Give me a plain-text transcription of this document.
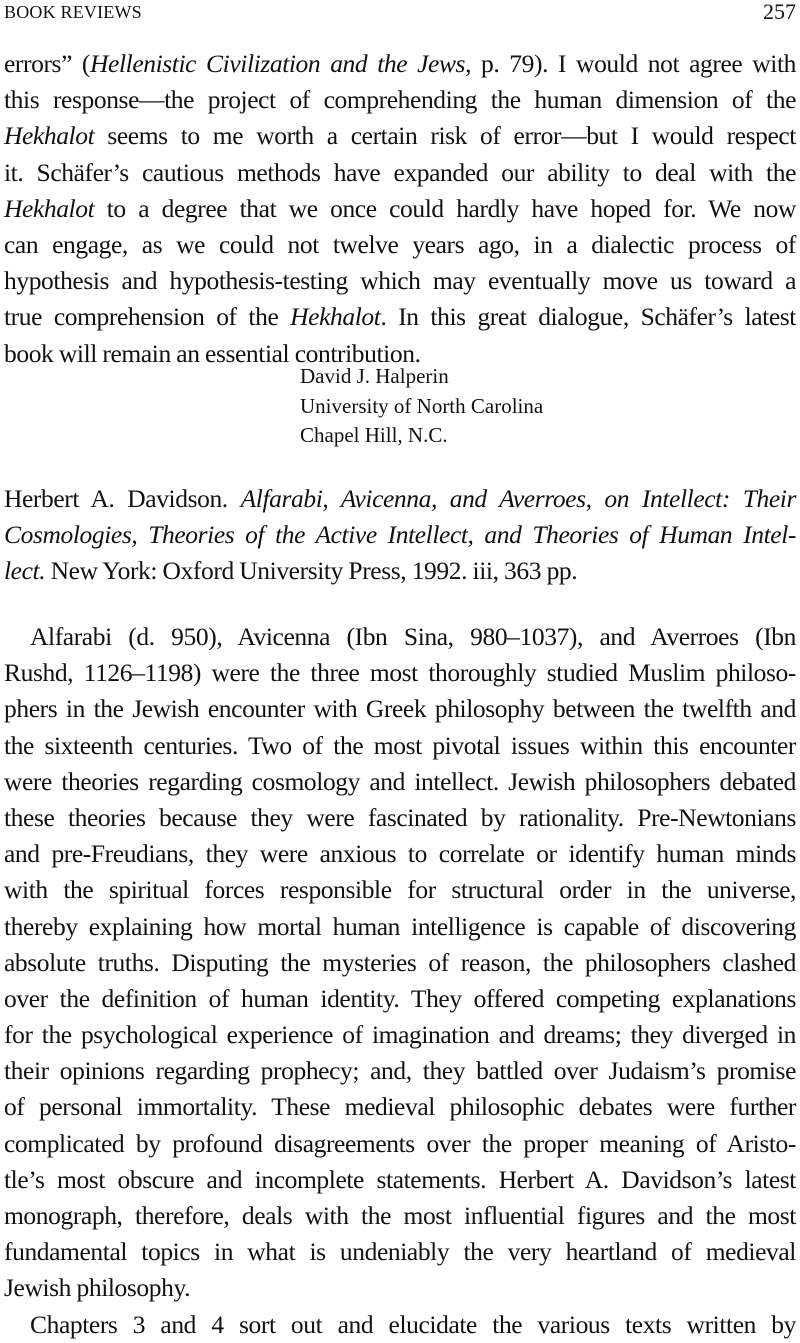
BOOK REVIEWS	257
errors” (Hellenistic Civilization and the Jews, p. 79). I would not agree with
this response—the project of comprehending the human dimension of the
Hekhalot seems to me worth a certain risk of error—but I would respect
it. Schäfer’s cautious methods have expanded our ability to deal with the
Hekhalot to a degree that we once could hardly have hoped for. We now
can engage, as we could not twelve years ago, in a dialectic process of
hypothesis and hypothesis-testing which may eventually move us toward a
true comprehension of the Hekhalot. In this great dialogue, Schäfer’s latest
book will remain an essential contribution.
David J. Halperin
University of North Carolina
Chapel Hill, N.C.
Herbert A. Davidson. Alfarabi, Avicenna, and Averroes, on Intellect: Their
Cosmologies, Theories of the Active Intellect, and Theories of Human Intel-
lect. New York: Oxford University Press, 1992. iii, 363 pp.
Alfarabi (d. 950), Avicenna (Ibn Sina, 980–1037), and Averroes (Ibn
Rushd, 1126–1198) were the three most thoroughly studied Muslim philoso-
phers in the Jewish encounter with Greek philosophy between the twelfth and
the sixteenth centuries. Two of the most pivotal issues within this encounter
were theories regarding cosmology and intellect. Jewish philosophers debated
these theories because they were fascinated by rationality. Pre-Newtonians
and pre-Freudians, they were anxious to correlate or identify human minds
with the spiritual forces responsible for structural order in the universe,
thereby explaining how mortal human intelligence is capable of discovering
absolute truths. Disputing the mysteries of reason, the philosophers clashed
over the definition of human identity. They offered competing explanations
for the psychological experience of imagination and dreams; they diverged in
their opinions regarding prophecy; and, they battled over Judaism’s promise
of personal immortality. These medieval philosophic debates were further
complicated by profound disagreements over the proper meaning of Aristo-
tle’s most obscure and incomplete statements. Herbert A. Davidson’s latest
monograph, therefore, deals with the most influential figures and the most
fundamental topics in what is undeniably the very heartland of medieval
Jewish philosophy.
Chapters 3 and 4 sort out and elucidate the various texts written by
